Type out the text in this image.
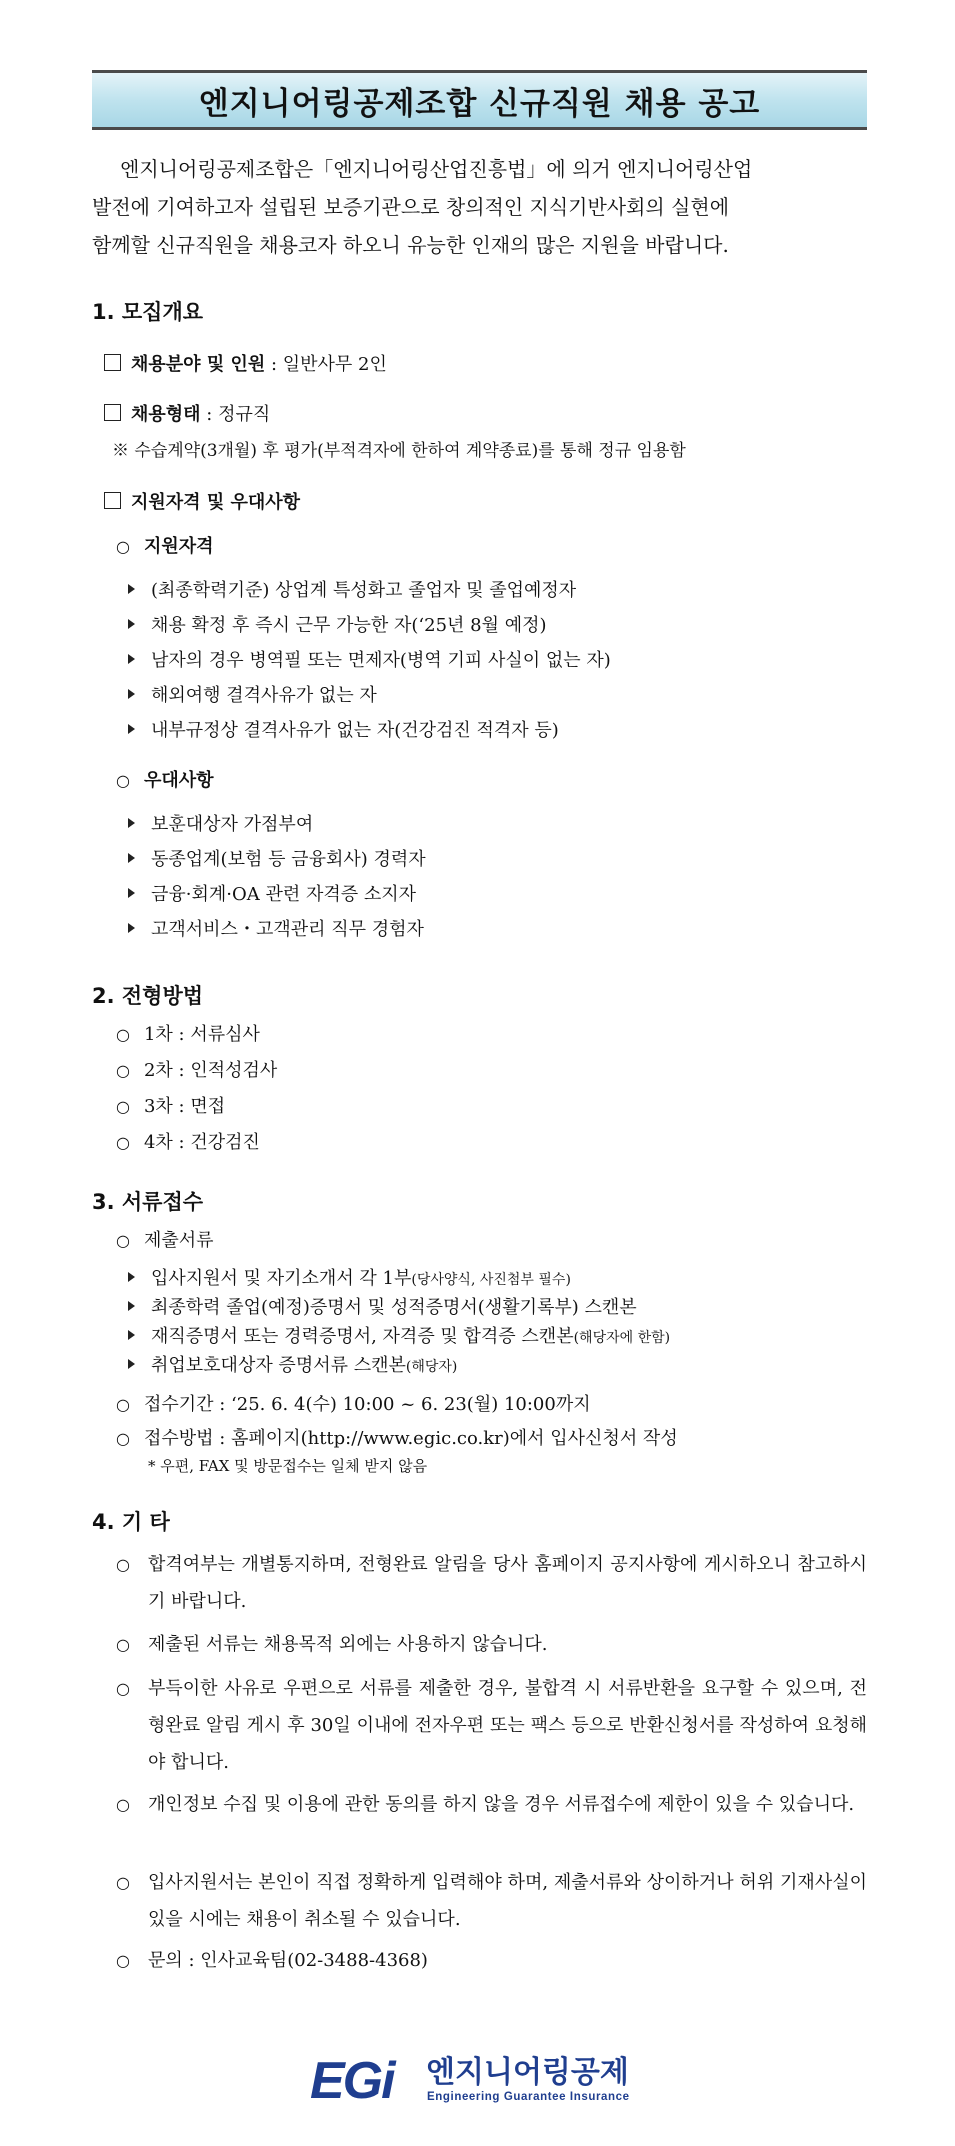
엔지니어링공제조합 신규직원 채용 공고
엔지니어링공제조합은「엔지니어링산업진흥법」에 의거 엔지니어링산업
발전에 기여하고자 설립된 보증기관으로 창의적인 지식기반사회의 실현에
함께할 신규직원을 채용코자 하오니 유능한 인재의 많은 지원을 바랍니다.
1. 모집개요
채용분야 및 인원 : 일반사무 2인
채용형태 : 정규직
※ 수습계약(3개월) 후 평가(부적격자에 한하여 계약종료)를 통해 정규 임용함
지원자격 및 우대사항
○ 지원자격
(최종학력기준) 상업계 특성화고 졸업자 및 졸업예정자
채용 확정 후 즉시 근무 가능한 자(‘25년 8월 예정)
남자의 경우 병역필 또는 면제자(병역 기피 사실이 없는 자)
해외여행 결격사유가 없는 자
내부규정상 결격사유가 없는 자(건강검진 적격자 등)
○ 우대사항
보훈대상자 가점부여
동종업계(보험 등 금융회사) 경력자
금융·회계·OA 관련 자격증 소지자
고객서비스・고객관리 직무 경험자
2. 전형방법
○ 1차 : 서류심사
○ 2차 : 인적성검사
○ 3차 : 면접
○ 4차 : 건강검진
3. 서류접수
○ 제출서류
입사지원서 및 자기소개서 각 1부(당사양식, 사진첨부 필수)
최종학력 졸업(예정)증명서 및 성적증명서(생활기록부) 스캔본
재직증명서 또는 경력증명서, 자격증 및 합격증 스캔본(해당자에 한함)
취업보호대상자 증명서류 스캔본(해당자)
○ 접수기간 : ‘25. 6. 4(수) 10:00 ~ 6. 23(월) 10:00까지
○ 접수방법 : 홈페이지(http://www.egic.co.kr)에서 입사신청서 작성
* 우편, FAX 및 방문접수는 일체 받지 않음
4. 기 타
○ 합격여부는 개별통지하며, 전형완료 알림을 당사 홈페이지 공지사항에 게시하오니 참고하시기 바랍니다.
○ 제출된 서류는 채용목적 외에는 사용하지 않습니다.
○ 부득이한 사유로 우편으로 서류를 제출한 경우, 불합격 시 서류반환을 요구할 수 있으며, 전형완료 알림 게시 후 30일 이내에 전자우편 또는 팩스 등으로 반환신청서를 작성하여 요청해야 합니다.
○ 개인정보 수집 및 이용에 관한 동의를 하지 않을 경우 서류접수에 제한이 있을 수 있습니다.
○ 입사지원서는 본인이 직접 정확하게 입력해야 하며, 제출서류와 상이하거나 허위 기재사실이 있을 시에는 채용이 취소될 수 있습니다.
○ 문의 : 인사교육팀(02-3488-4368)
EGi 엔지니어링공제
Engineering Guarantee Insurance
